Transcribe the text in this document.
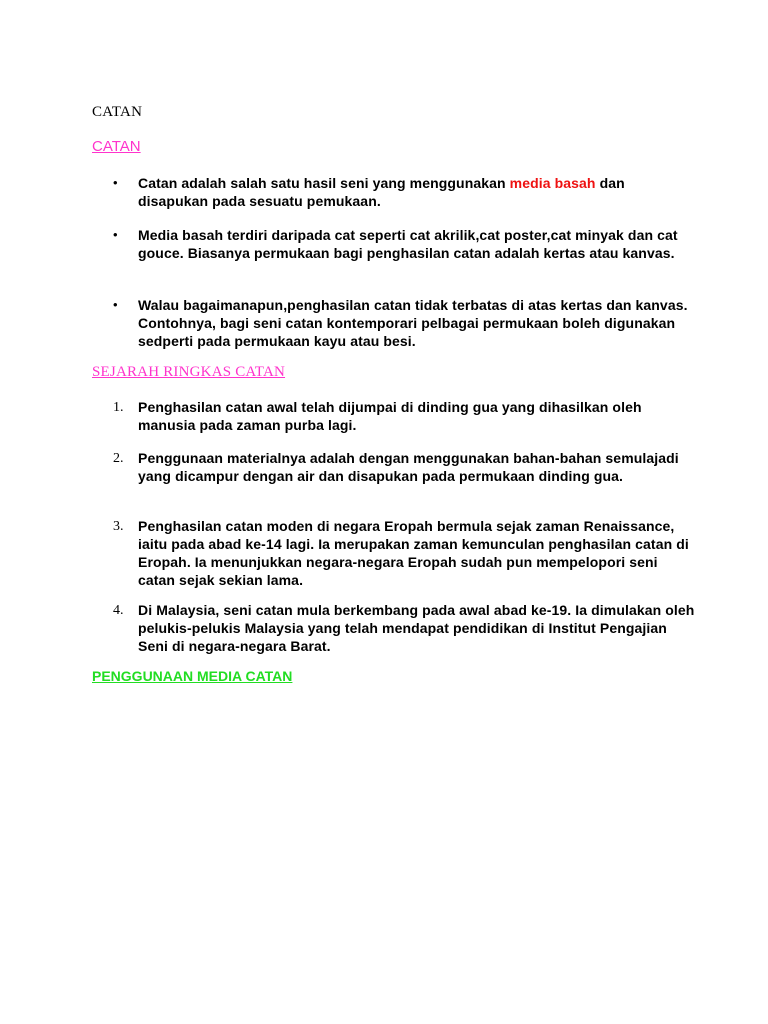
CATAN
CATAN
• Catan adalah salah satu hasil seni yang menggunakan media basah dan disapukan pada sesuatu pemukaan.
• Media basah terdiri daripada cat seperti cat akrilik,cat poster,cat minyak dan cat gouce. Biasanya permukaan bagi penghasilan catan adalah kertas atau kanvas.
• Walau bagaimanapun,penghasilan catan tidak terbatas di atas kertas dan kanvas. Contohnya, bagi seni catan kontemporari pelbagai permukaan boleh digunakan sedperti pada permukaan kayu atau besi.
SEJARAH RINGKAS CATAN
1. Penghasilan catan awal telah dijumpai di dinding gua yang dihasilkan oleh manusia pada zaman purba lagi.
2. Penggunaan materialnya adalah dengan menggunakan bahan-bahan semulajadi yang dicampur dengan air dan disapukan pada permukaan dinding gua.
3. Penghasilan catan moden di negara Eropah bermula sejak zaman Renaissance, iaitu pada abad ke-14 lagi. Ia merupakan zaman kemunculan penghasilan catan di Eropah. Ia menunjukkan negara-negara Eropah sudah pun mempelopori seni catan sejak sekian lama.
4. Di Malaysia, seni catan mula berkembang pada awal abad ke-19. Ia dimulakan oleh pelukis-pelukis Malaysia yang telah mendapat pendidikan di Institut Pengajian Seni di negara-negara Barat.
PENGGUNAAN MEDIA CATAN
